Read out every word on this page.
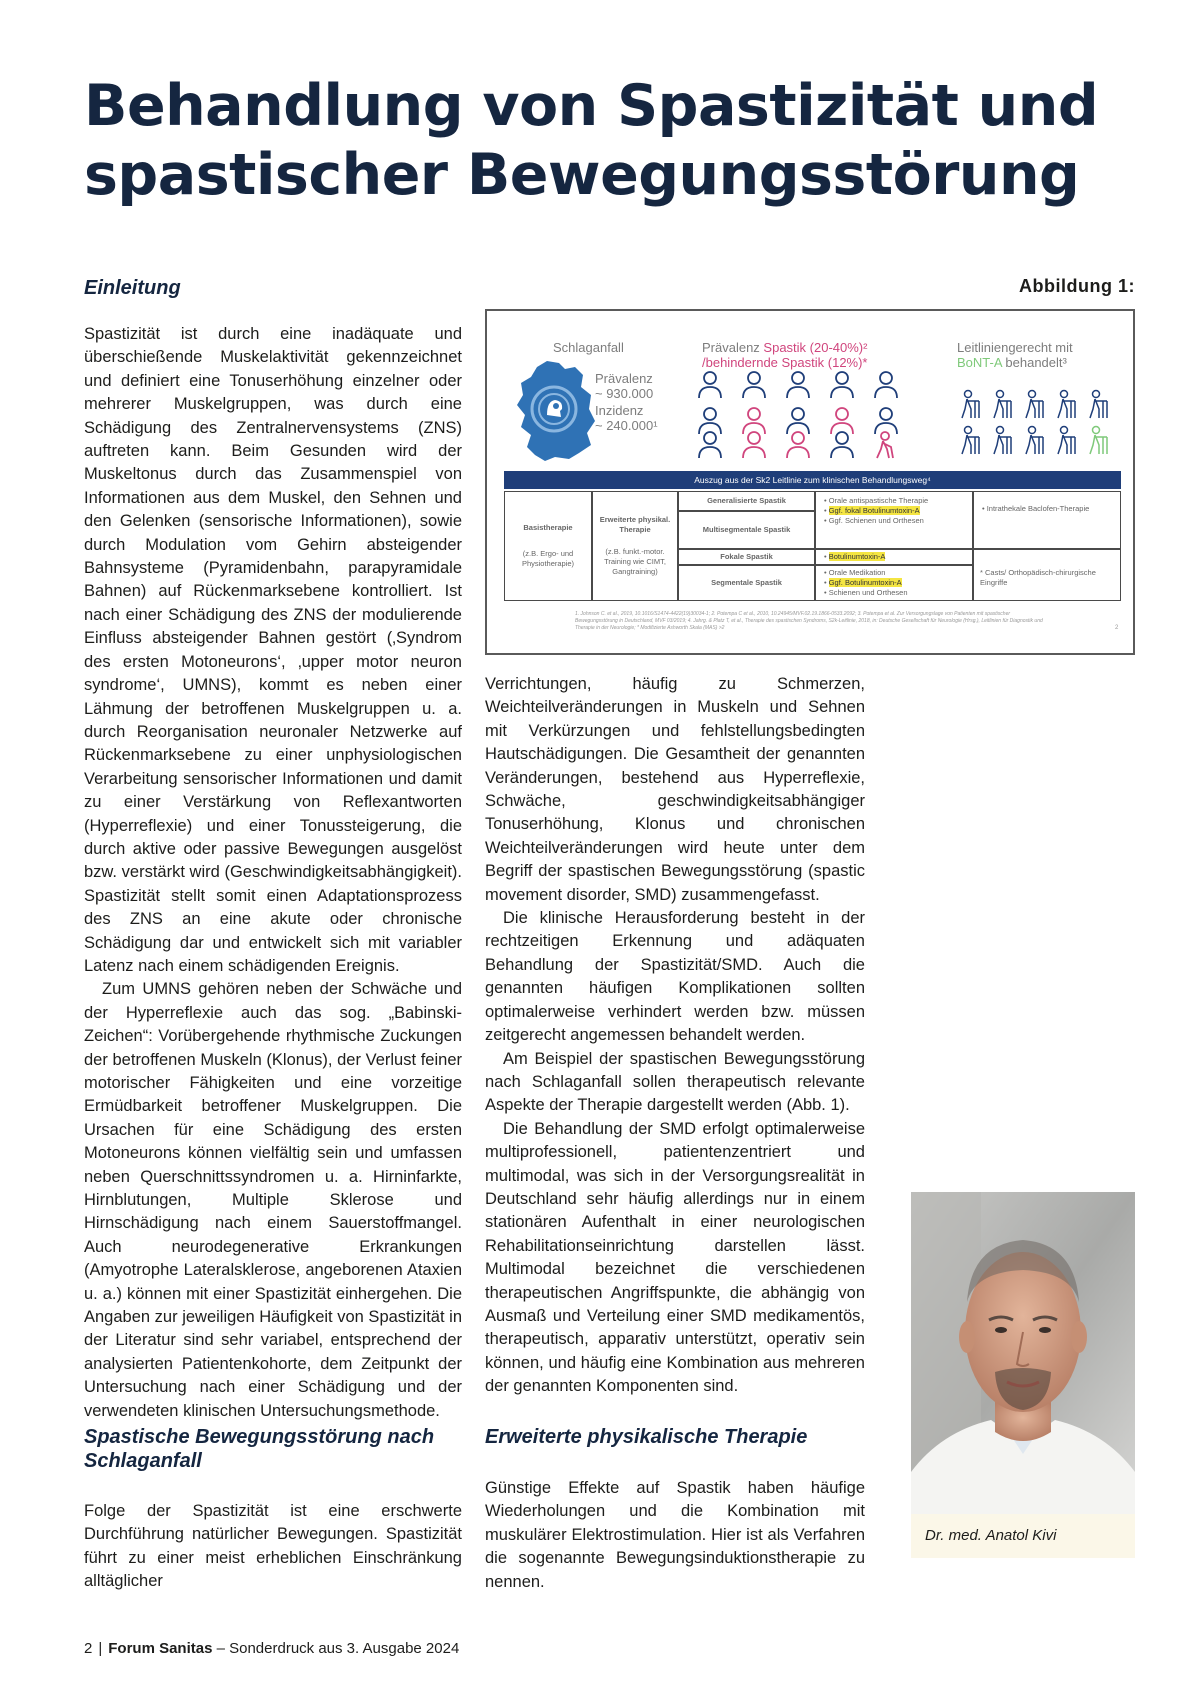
Behandlung von Spastizität und spastischer Bewegungsstörung
Einleitung	Abbildung 1:

Spastizität ist durch eine inadäquate und überschießende Muskelaktivität gekennzeichnet und definiert eine Tonuserhöhung einzelner oder mehrerer Muskelgruppen, was durch eine Schädigung des Zentralnervensystems (ZNS) auftreten kann. Beim Gesunden wird der Muskeltonus durch das Zusammenspiel von Informationen aus dem Muskel, den Sehnen und den Gelenken (sensorische Informationen), sowie durch Modulation vom Gehirn absteigender Bahnsysteme (Pyramidenbahn, parapyramidale Bahnen) auf Rückenmarksebene kontrolliert. Ist nach einer Schädigung des ZNS der modulierende Einfluss absteigender Bahnen gestört (‚Syndrom des ersten Motoneurons‘, ‚upper motor neuron syndrome‘, UMNS), kommt es neben einer Lähmung der betroffenen Muskelgruppen u. a. durch Reorganisation neuronaler Netzwerke auf Rückenmarksebene zu einer unphysiologischen Verarbeitung sensorischer Informationen und damit zu einer Verstärkung von Reflexantworten (Hyperreflexie) und einer Tonussteigerung, die durch aktive oder passive Bewegungen ausgelöst bzw. verstärkt wird (Geschwindigkeitsabhängigkeit). Spastizität stellt somit einen Adaptationsprozess des ZNS an eine akute oder chronische Schädigung dar und entwickelt sich mit variabler Latenz nach einem schädigenden Ereignis.

Zum UMNS gehören neben der Schwäche und der Hyperreflexie auch das sog. „Babinski-Zeichen“: Vorübergehende rhythmische Zuckungen der betroffenen Muskeln (Klonus), der Verlust feiner motorischer Fähigkeiten und eine vorzeitige Ermüdbarkeit betroffener Muskelgruppen. Die Ursachen für eine Schädigung des ersten Motoneurons können vielfältig sein und umfassen neben Querschnittssyndromen u. a. Hirninfarkte, Hirnblutungen, Multiple Sklerose und Hirnschädigung nach einem Sauerstoffmangel. Auch neurodegenerative Erkrankungen (Amyotrophe Lateralsklerose, angeborenen Ataxien u. a.) können mit einer Spastizität einhergehen. Die Angaben zur jeweiligen Häufigkeit von Spastizität in der Literatur sind sehr variabel, entsprechend der analysierten Patientenkohorte, dem Zeitpunkt der Untersuchung nach einer Schädigung und der verwendeten klinischen Untersuchungsmethode.

Spastische Bewegungsstörung nach Schlaganfall

Folge der Spastizität ist eine erschwerte Durchführung natürlicher Bewegungen. Spastizität führt zu einer meist erheblichen Einschränkung alltäglicher

Schlaganfall
Prävalenz
~ 930.000
Inzidenz
~ 240.000¹
Prävalenz Spastik (20-40%)²
/behindernde Spastik (12%)*
Leitliniengerecht mit
BoNT-A behandelt³
Auszug aus der Sk2 Leitlinie zum klinischen Behandlungsweg⁴
Basistherapie
(z.B. Ergo- und Physiotherapie)
Erweiterte physikal. Therapie
(z.B. funkt.-motor. Training wie CIMT, Gangtraining)
Generalisierte Spastik
Multisegmentale Spastik
Fokale Spastik
Segmentale Spastik
• Orale antispastische Therapie
• Ggf. fokal Botulinumtoxin-A
• Ggf. Schienen und Orthesen
• Botulinumtoxin-A
• Orale Medikation
• Ggf. Botulinumtoxin-A
• Schienen und Orthesen
• Intrathekale Baclofen-Therapie
* Casts/ Orthopädisch-chirurgische Eingriffe
1. Johnson C. et al., 2019, 10.1016/S1474-4422(19)30034-1; 2. Potempa C et al., 2010, 10.24945/MVF.02.19.1866-0533.2092; 3. Potempa et al. Zur Versorgungslage von Patienten mit spastischer Bewegungsstörung in Deutschland, MVF 03/2019; 4. Jahrg. & Platz T, et al., Therapie des spastischen Syndroms, S2k-Leitlinie, 2018, in: Deutsche Gesellschaft für Neurologie (Hrsg.), Leitlinien für Diagnostik und Therapie in der Neurologie; * Modifizierte Ashworth Skala (MAS) >2	2

Verrichtungen, häufig zu Schmerzen, Weichteilveränderungen in Muskeln und Sehnen mit Verkürzungen und fehlstellungsbedingten Hautschädigungen. Die Gesamtheit der genannten Veränderungen, bestehend aus Hyperreflexie, Schwäche, geschwindigkeitsabhängiger Tonuserhöhung, Klonus und chronischen Weichteilveränderungen wird heute unter dem Begriff der spastischen Bewegungsstörung (spastic movement disorder, SMD) zusammengefasst.

Die klinische Herausforderung besteht in der rechtzeitigen Erkennung und adäquaten Behandlung der Spastizität/SMD. Auch die genannten häufigen Komplikationen sollten optimalerweise verhindert werden bzw. müssen zeitgerecht angemessen behandelt werden.

Am Beispiel der spastischen Bewegungsstörung nach Schlaganfall sollen therapeutisch relevante Aspekte der Therapie dargestellt werden (Abb. 1).

Die Behandlung der SMD erfolgt optimalerweise multiprofessionell, patientenzentriert und multimodal, was sich in der Versorgungsrealität in Deutschland sehr häufig allerdings nur in einem stationären Aufenthalt in einer neurologischen Rehabilitationseinrichtung darstellen lässt. Multimodal bezeichnet die verschiedenen therapeutischen Angriffspunkte, die abhängig von Ausmaß und Verteilung einer SMD medikamentös, therapeutisch, apparativ unterstützt, operativ sein können, und häufig eine Kombination aus mehreren der genannten Komponenten sind.

Erweiterte physikalische Therapie

Günstige Effekte auf Spastik haben häufige Wiederholungen und die Kombination mit muskulärer Elektrostimulation. Hier ist als Verfahren die sogenannte Bewegungsinduktionstherapie zu nennen.

Dr. med. Anatol Kivi
2 | Forum Sanitas – Sonderdruck aus 3. Ausgabe 2024
